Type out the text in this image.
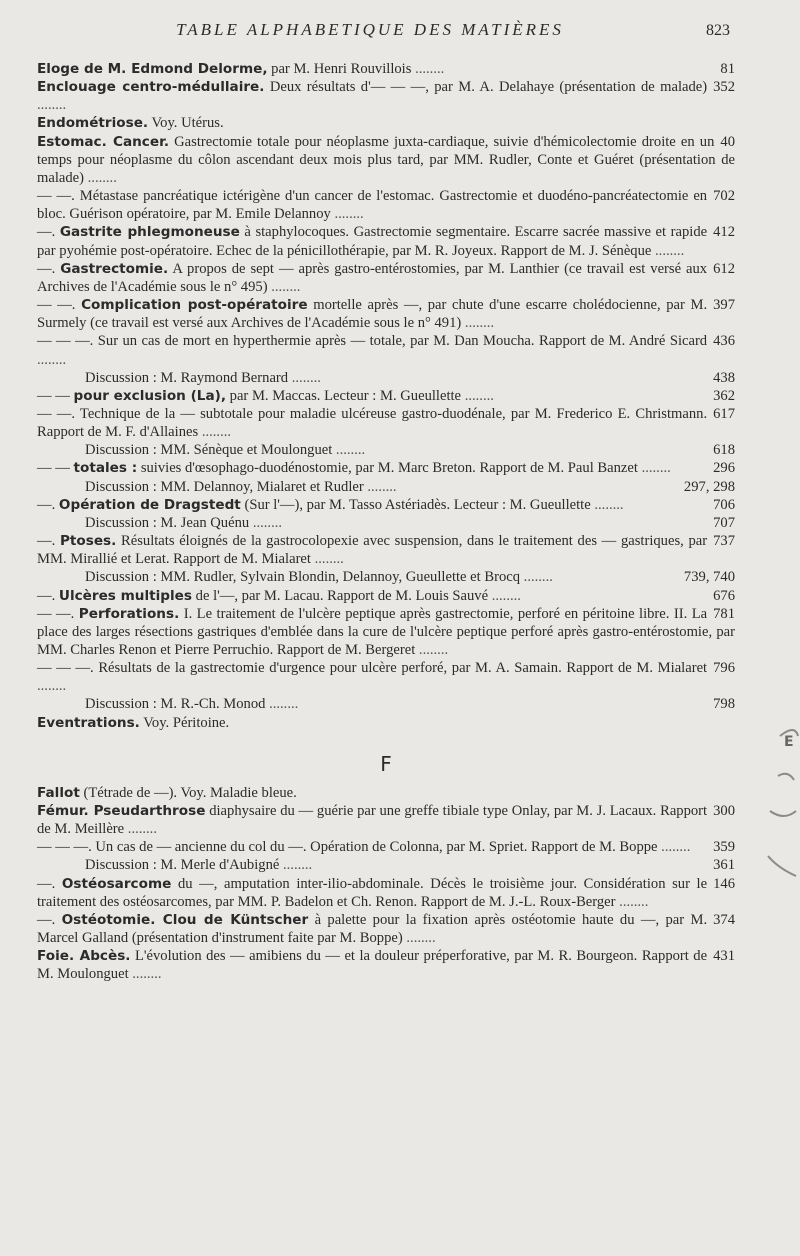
TABLE ALPHABETIQUE DES MATIÈRES	823
81
Eloge de M. Edmond Delorme, par M. Henri Rouvillois ........
352
Enclouage centro-médullaire. Deux résultats d'— — —, par M. A. Delahaye (présentation de malade) ........
Endométriose. Voy. Utérus.
40
Estomac. Cancer. Gastrectomie totale pour néoplasme juxta-cardiaque, suivie d'hémicolectomie droite en un temps pour néoplasme du côlon ascendant deux mois plus tard, par MM. Rudler, Conte et Guéret (présentation de malade) ........
702
— —. Métastase pancréatique ictérigène d'un cancer de l'estomac. Gastrectomie et duodéno-pancréatectomie en bloc. Guérison opératoire, par M. Emile Delannoy ........
412
—. Gastrite phlegmoneuse à staphylocoques. Gastrectomie segmentaire. Escarre sacrée massive et rapide par pyohémie post-opératoire. Echec de la pénicillothérapie, par M. R. Joyeux. Rapport de M. J. Sénèque ........
612
—. Gastrectomie. A propos de sept — après gastro-entérostomies, par M. Lanthier (ce travail est versé aux Archives de l'Académie sous le n° 495) ........
397
— —. Complication post-opératoire mortelle après —, par chute d'une escarre cholédocienne, par M. Surmely (ce travail est versé aux Archives de l'Académie sous le n° 491) ........
436
— — —. Sur un cas de mort en hyperthermie après — totale, par M. Dan Moucha. Rapport de M. André Sicard ........
438
Discussion : M. Raymond Bernard ........
362
— — pour exclusion (La), par M. Maccas. Lecteur : M. Gueullette ........
617
— —. Technique de la — subtotale pour maladie ulcéreuse gastro-duodénale, par M. Frederico E. Christmann. Rapport de M. F. d'Allaines ........
618
Discussion : MM. Sénèque et Moulonguet ........
296
— — totales : suivies d'œsophago-duodénostomie, par M. Marc Breton. Rapport de M. Paul Banzet ........
297, 298
Discussion : MM. Delannoy, Mialaret et Rudler ........
706
—. Opération de Dragstedt (Sur l'—), par M. Tasso Astériadès. Lecteur : M. Gueullette ........
707
Discussion : M. Jean Quénu ........
737
—. Ptoses. Résultats éloignés de la gastrocolopexie avec suspension, dans le traitement des — gastriques, par MM. Mirallié et Lerat. Rapport de M. Mialaret ........
739, 740
Discussion : MM. Rudler, Sylvain Blondin, Delannoy, Gueullette et Brocq ........
676
—. Ulcères multiples de l'—, par M. Lacau. Rapport de M. Louis Sauvé ........
781
— —. Perforations. I. Le traitement de l'ulcère peptique après gastrectomie, perforé en péritoine libre. II. La place des larges résections gastriques d'emblée dans la cure de l'ulcère peptique perforé après gastro-entérostomie, par MM. Charles Renon et Pierre Perruchio. Rapport de M. Bergeret ........
796
— — —. Résultats de la gastrectomie d'urgence pour ulcère perforé, par M. A. Samain. Rapport de M. Mialaret ........
798
Discussion : M. R.-Ch. Monod ........
Eventrations. Voy. Péritoine.
F
Fallot (Tétrade de —). Voy. Maladie bleue.
300
Fémur. Pseudarthrose diaphysaire du — guérie par une greffe tibiale type Onlay, par M. J. Lacaux. Rapport de M. Meillère ........
359
— — —. Un cas de — ancienne du col du —. Opération de Colonna, par M. Spriet. Rapport de M. Boppe ........
361
Discussion : M. Merle d'Aubigné ........
146
—. Ostéosarcome du —, amputation inter-ilio-abdominale. Décès le troisième jour. Considération sur le traitement des ostéosarcomes, par MM. P. Badelon et Ch. Renon. Rapport de M. J.-L. Roux-Berger ........
374
—. Ostéotomie. Clou de Küntscher à palette pour la fixation après ostéotomie haute du —, par M. Marcel Galland (présentation d'instrument faite par M. Boppe) ........
431
Foie. Abcès. L'évolution des — amibiens du — et la douleur préperforative, par M. R. Bourgeon. Rapport de M. Moulonguet ........
E
